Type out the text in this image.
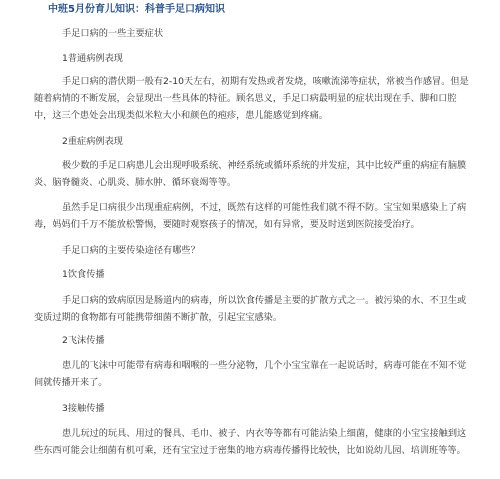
中班5月份育儿知识：科普手足口病知识
手足口病的一些主要症状
1普通病例表现
手足口病的潜伏期一般有2-10天左右，初期有发热或者发烧，咳嗽流涕等症状，常被当作感冒。但是随着病情的不断发展，会显现出一些具体的特征。顾名思义，手足口病最明显的症状出现在手、脚和口腔中，这三个患处会出现类似米粒大小和颜色的疱疹，患儿能感觉到疼痛。
2重症病例表现
极少数的手足口病患儿会出现呼吸系统、神经系统或循环系统的并发症，其中比较严重的病症有脑膜炎、脑脊髓炎、心肌炎、肺水肿、循环衰竭等等。
虽然手足口病很少出现重症病例，不过，既然有这样的可能性我们就不得不防。宝宝如果感染上了病毒，妈妈们千万不能放松警惕，要随时观察孩子的情况，如有异常，要及时送到医院接受治疗。
手足口病的主要传染途径有哪些？
1饮食传播
手足口病的致病原因是肠道内的病毒，所以饮食传播是主要的扩散方式之一。被污染的水、不卫生或变质过期的食物都有可能携带细菌不断扩散，引起宝宝感染。
2飞沫传播
患儿的飞沫中可能带有病毒和咽喉的一些分泌物，几个小宝宝靠在一起说话时，病毒可能在不知不觉间就传播开来了。
3接触传播
患儿玩过的玩具、用过的餐具、毛巾、被子、内衣等等都有可能沾染上细菌，健康的小宝宝接触到这些东西可能会让细菌有机可乘，还有宝宝过于密集的地方病毒传播得比较快，比如说幼儿园、培训班等等。
